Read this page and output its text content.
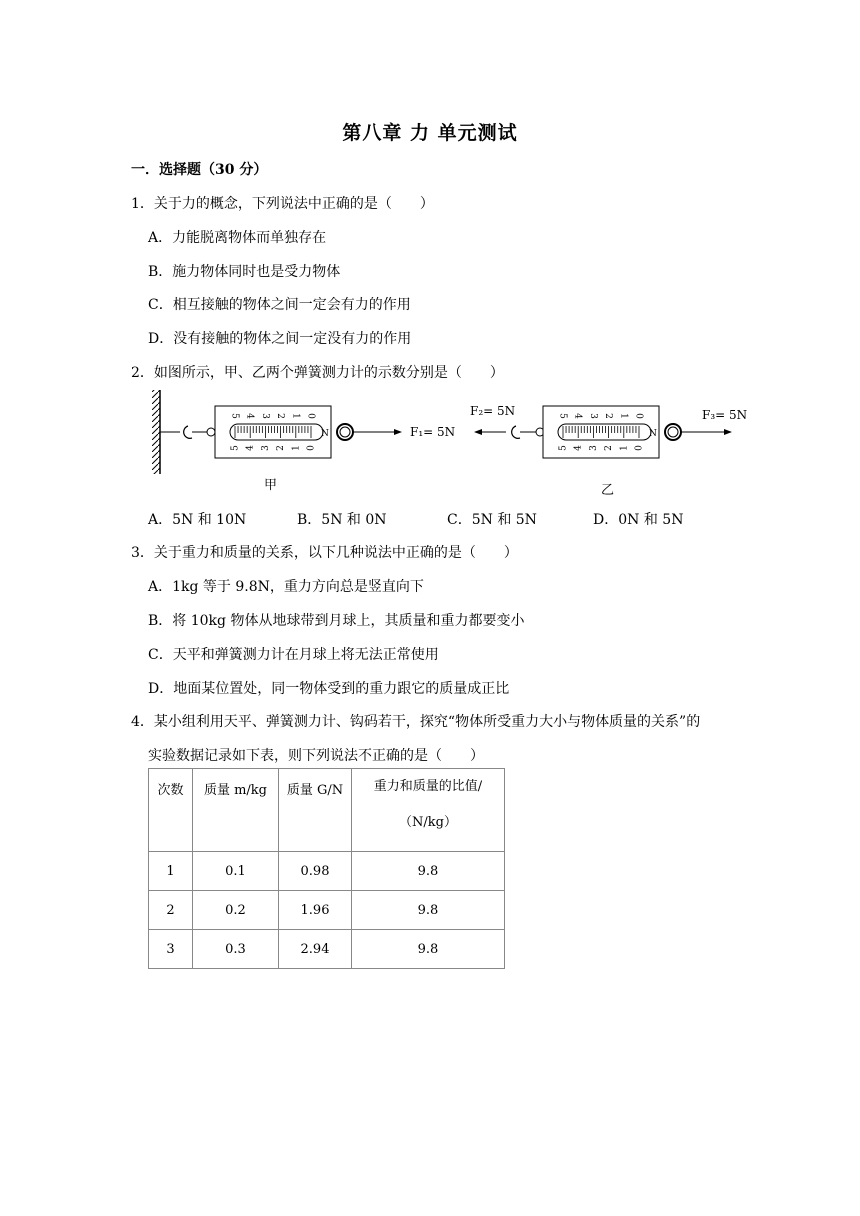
第八章 力 单元测试
一．选择题（30 分）
1．关于力的概念，下列说法中正确的是（　　）
A．力能脱离物体而单独存在
B．施力物体同时也是受力物体
C．相互接触的物体之间一定会有力的作用
D．没有接触的物体之间一定没有力的作用
2．如图所示，甲、乙两个弹簧测力计的示数分别是（　　）
0
0
1
1
2
2
3
3
4
4
5
5
N	F₁= 5N
F₂= 5N	0
0
1
1
2
2
3
3
4
4
5
5
N
F₃= 5N
甲	乙
A．5N 和 10N	B．5N 和 0N	C．5N 和 5N	D．0N 和 5N
3．关于重力和质量的关系，以下几种说法中正确的是（　　）
A．1kg 等于 9.8N，重力方向总是竖直向下
B．将 10kg 物体从地球带到月球上，其质量和重力都要变小
C．天平和弹簧测力计在月球上将无法正常使用
D．地面某位置处，同一物体受到的重力跟它的质量成正比
4．某小组利用天平、弹簧测力计、钩码若干，探究“物体所受重力大小与物体质量的关系”的
实验数据记录如下表，则下列说法不正确的是（　　）
次数	质量 m/kg	质量 G/N	重力和质量的比值/
（N/kg）

1	0.1	0.98	9.8
2	0.2	1.96	9.8
3	0.3	2.94	9.8
